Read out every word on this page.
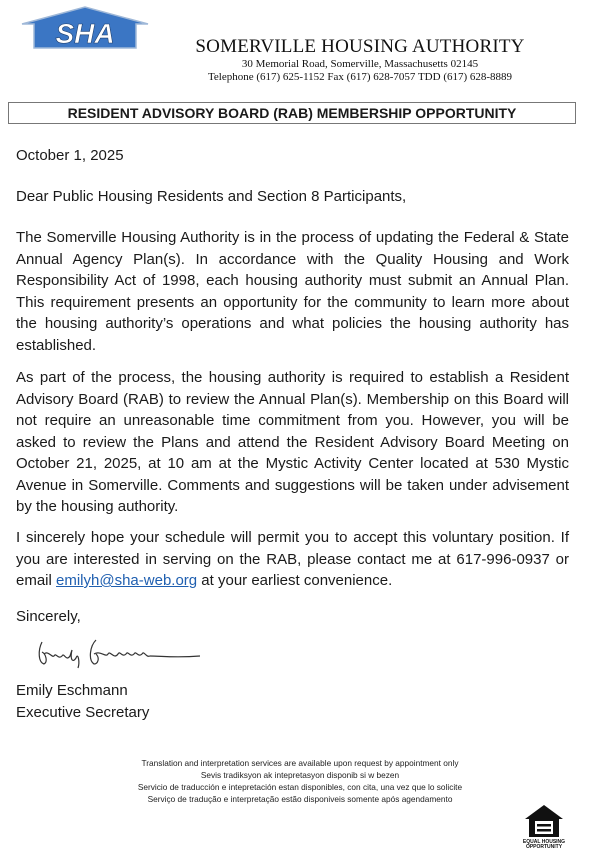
SHA	SOMERVILLE HOUSING AUTHORITY
30 Memorial Road, Somerville, Massachusetts 02145
Telephone (617) 625-1152 Fax (617) 628-7057 TDD (617) 628-8889
RESIDENT ADVISORY BOARD (RAB) MEMBERSHIP OPPORTUNITY
October 1, 2025
Dear Public Housing Residents and Section 8 Participants,
The Somerville Housing Authority is in the process of updating the Federal & State Annual Agency Plan(s). In accordance with the Quality Housing and Work Responsibility Act of 1998, each housing authority must submit an Annual Plan. This requirement presents an opportunity for the community to learn more about the housing authority’s operations and what policies the housing authority has established.
As part of the process, the housing authority is required to establish a Resident Advisory Board (RAB) to review the Annual Plan(s). Membership on this Board will not require an unreasonable time commitment from you. However, you will be asked to review the Plans and attend the Resident Advisory Board Meeting on October 21, 2025, at 10 am at the Mystic Activity Center located at 530 Mystic Avenue in Somerville. Comments and suggestions will be taken under advisement by the housing authority.
I sincerely hope your schedule will permit you to accept this voluntary position. If you are interested in serving on the RAB, please contact me at 617-996-0937 or email emilyh@sha-web.org at your earliest convenience.
Sincerely,
Emily Eschmann
Executive Secretary
Translation and interpretation services are available upon request by appointment only
Sevis tradiksyon ak intepretasyon disponib si w bezen
Servicio de traducción e intepretación estan disponibles, con cita, una vez que lo solicite
Serviço de tradução e interpretação estão disponiveis somente após agendamento
EQUAL HOUSING
OPPORTUNITY
